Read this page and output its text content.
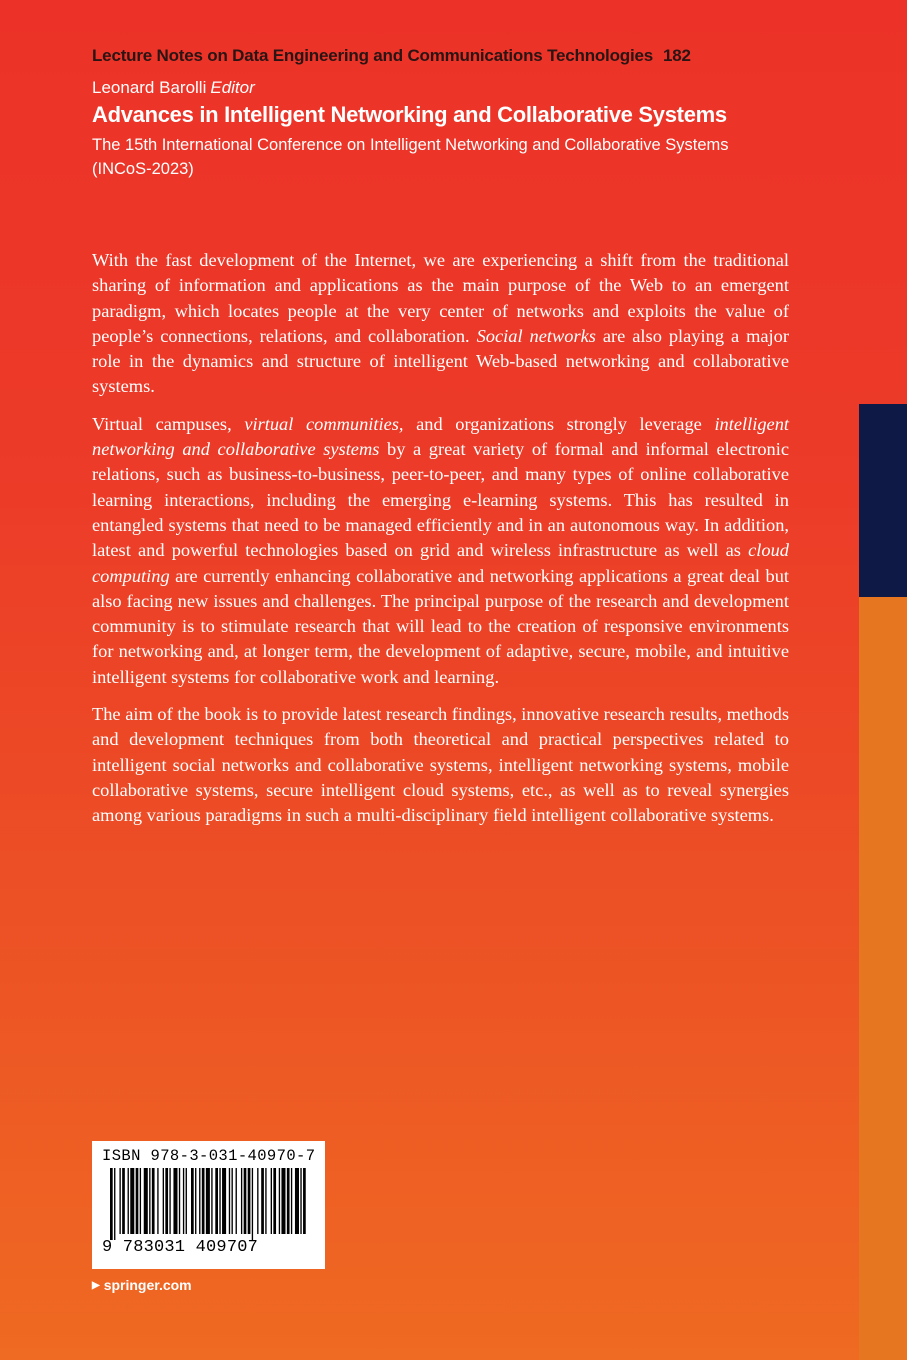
Lecture Notes on Data Engineering and Communications Technologies 182
Leonard Barolli Editor
Advances in Intelligent Networking and Collaborative Systems
The 15th International Conference on Intelligent Networking and Collaborative Systems (INCoS-2023)

With the fast development of the Internet, we are experiencing a shift from the traditional sharing of information and applications as the main purpose of the Web to an emergent paradigm, which locates people at the very center of networks and exploits the value of people’s connections, relations, and collaboration. Social networks are also playing a major role in the dynamics and structure of intelligent Web-based networking and collaborative systems.

Virtual campuses, virtual communities, and organizations strongly leverage intelligent networking and collaborative systems by a great variety of formal and informal electronic relations, such as business-to-business, peer-to-peer, and many types of online collaborative learning interactions, including the emerging e-learning systems. This has resulted in entangled systems that need to be managed efficiently and in an autonomous way. In addition, latest and powerful technologies based on grid and wireless infrastructure as well as cloud computing are currently enhancing collaborative and networking applications a great deal but also facing new issues and challenges. The principal purpose of the research and development community is to stimulate research that will lead to the creation of responsive environments for networking and, at longer term, the development of adaptive, secure, mobile, and intuitive intelligent systems for collaborative work and learning.

The aim of the book is to provide latest research findings, innovative research results, methods and development techniques from both theoretical and practical perspectives related to intelligent social networks and collaborative systems, intelligent networking systems, mobile collaborative systems, secure intelligent cloud systems, etc., as well as to reveal synergies among various paradigms in such a multi-disciplinary field intelligent collaborative systems.

ISBN 978-3-031-40970-7
9 783031 409707
▶ springer.com
